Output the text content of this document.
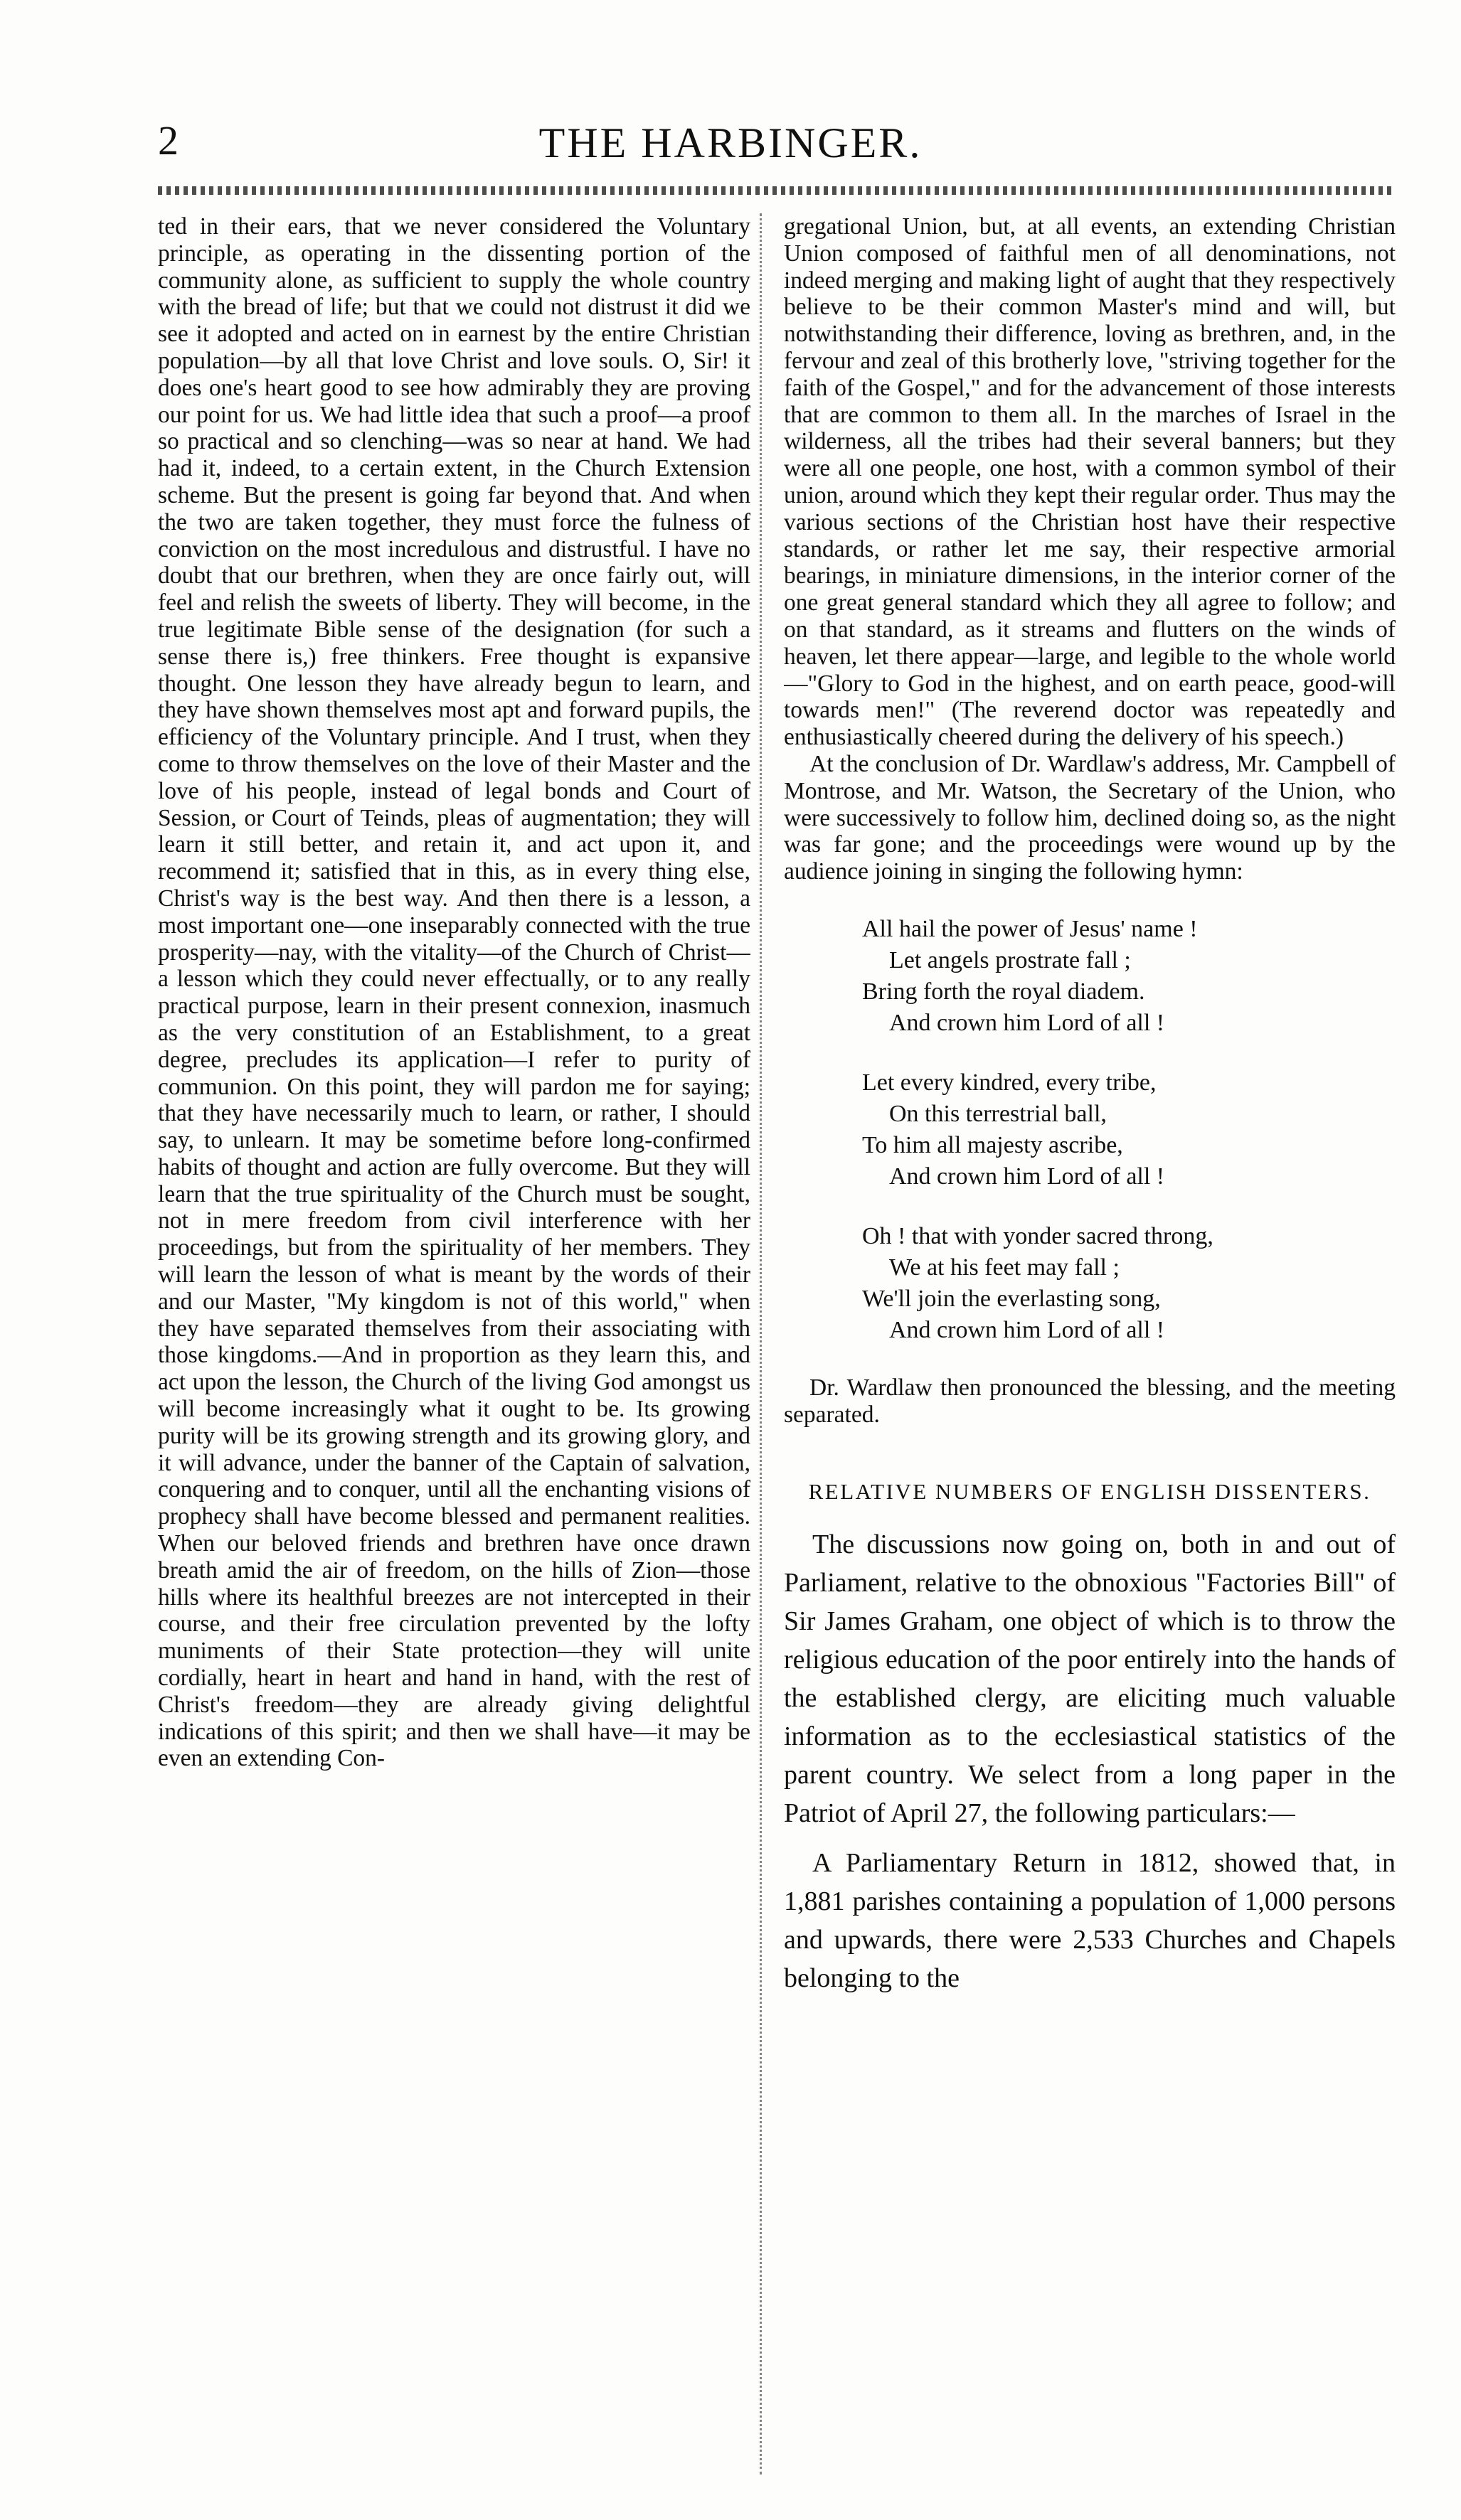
2	THE HARBINGER.

ted in their ears, that we never considered the Voluntary principle, as operating in the dissenting portion of the community alone, as sufficient to supply the whole country with the bread of life; but that we could not distrust it did we see it adopted and acted on in earnest by the entire Christian population—by all that love Christ and love souls. O, Sir! it does one's heart good to see how admirably they are proving our point for us. We had little idea that such a proof—a proof so practical and so clenching—was so near at hand. We had had it, indeed, to a certain extent, in the Church Extension scheme. But the present is going far beyond that. And when the two are taken together, they must force the fulness of conviction on the most incredulous and distrustful. I have no doubt that our brethren, when they are once fairly out, will feel and relish the sweets of liberty. They will become, in the true legitimate Bible sense of the designation (for such a sense there is,) free thinkers. Free thought is expansive thought. One lesson they have already begun to learn, and they have shown themselves most apt and forward pupils, the efficiency of the Voluntary principle. And I trust, when they come to throw themselves on the love of their Master and the love of his people, instead of legal bonds and Court of Session, or Court of Teinds, pleas of augmentation; they will learn it still better, and retain it, and act upon it, and recommend it; satisfied that in this, as in every thing else, Christ's way is the best way. And then there is a lesson, a most important one—one inseparably connected with the true prosperity—nay, with the vitality—of the Church of Christ—a lesson which they could never effectually, or to any really practical purpose, learn in their present connexion, inasmuch as the very constitution of an Establishment, to a great degree, precludes its application—I refer to purity of communion. On this point, they will pardon me for saying; that they have necessarily much to learn, or rather, I should say, to unlearn. It may be sometime before long-confirmed habits of thought and action are fully overcome. But they will learn that the true spirituality of the Church must be sought, not in mere freedom from civil interference with her proceedings, but from the spirituality of her members. They will learn the lesson of what is meant by the words of their and our Master, "My kingdom is not of this world," when they have separated themselves from their associating with those kingdoms.—And in proportion as they learn this, and act upon the lesson, the Church of the living God amongst us will become increasingly what it ought to be. Its growing purity will be its growing strength and its growing glory, and it will advance, under the banner of the Captain of salvation, conquering and to conquer, until all the enchanting visions of prophecy shall have become blessed and permanent realities. When our beloved friends and brethren have once drawn breath amid the air of freedom, on the hills of Zion—those hills where its healthful breezes are not intercepted in their course, and their free circulation prevented by the lofty muniments of their State protection—they will unite cordially, heart in heart and hand in hand, with the rest of Christ's freedom—they are already giving delightful indications of this spirit; and then we shall have—it may be even an extending Con-

gregational Union, but, at all events, an extending Christian Union composed of faithful men of all denominations, not indeed merging and making light of aught that they respectively believe to be their common Master's mind and will, but notwithstanding their difference, loving as brethren, and, in the fervour and zeal of this brotherly love, "striving together for the faith of the Gospel," and for the advancement of those interests that are common to them all. In the marches of Israel in the wilderness, all the tribes had their several banners; but they were all one people, one host, with a common symbol of their union, around which they kept their regular order. Thus may the various sections of the Christian host have their respective standards, or rather let me say, their respective armorial bearings, in miniature dimensions, in the interior corner of the one great general standard which they all agree to follow; and on that standard, as it streams and flutters on the winds of heaven, let there appear—large, and legible to the whole world—"Glory to God in the highest, and on earth peace, good-will towards men!" (The reverend doctor was repeatedly and enthusiastically cheered during the delivery of his speech.)

At the conclusion of Dr. Wardlaw's address, Mr. Campbell of Montrose, and Mr. Watson, the Secretary of the Union, who were successively to follow him, declined doing so, as the night was far gone; and the proceedings were wound up by the audience joining in singing the following hymn:

All hail the power of Jesus' name !
Let angels prostrate fall ;
Bring forth the royal diadem.
And crown him Lord of all !
Let every kindred, every tribe,
On this terrestrial ball,
To him all majesty ascribe,
And crown him Lord of all !
Oh ! that with yonder sacred throng,
We at his feet may fall ;
We'll join the everlasting song,
And crown him Lord of all !

Dr. Wardlaw then pronounced the blessing, and the meeting separated.

RELATIVE NUMBERS OF ENGLISH DISSENTERS.

The discussions now going on, both in and out of Parliament, relative to the obnoxious "Factories Bill" of Sir James Graham, one object of which is to throw the religious education of the poor entirely into the hands of the established clergy, are eliciting much valuable information as to the ecclesiastical statistics of the parent country. We select from a long paper in the Patriot of April 27, the following particulars:—

A Parliamentary Return in 1812, showed that, in 1,881 parishes containing a population of 1,000 persons and upwards, there were 2,533 Churches and Chapels belonging to the
